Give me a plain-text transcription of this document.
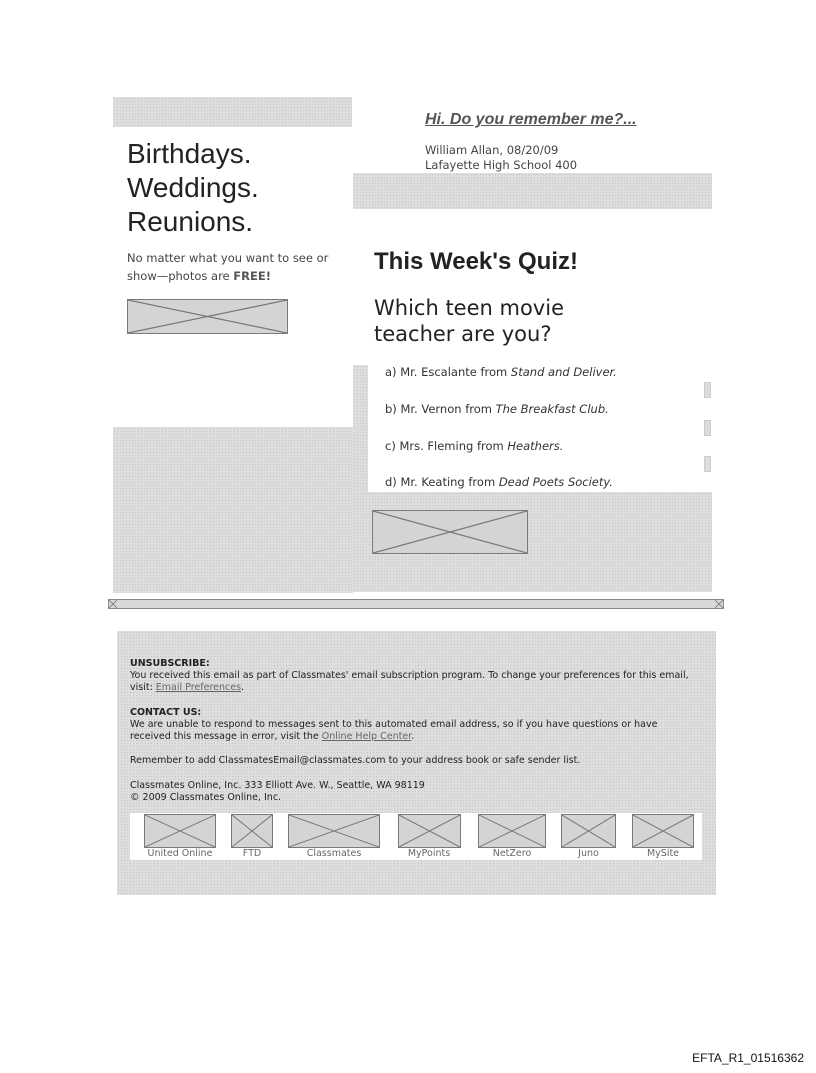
Birthdays.
Weddings.
Reunions.
No matter what you want to see or show—photos are FREE!
Hi. Do you remember me?...
William Allan, 08/20/09
Lafayette High School 400
This Week's Quiz!
Which teen movie
teacher are you?
a) Mr. Escalante from Stand and Deliver.
b) Mr. Vernon from The Breakfast Club.
c) Mrs. Fleming from Heathers.
d) Mr. Keating from Dead Poets Society.
UNSUBSCRIBE:
You received this email as part of Classmates' email subscription program. To change your preferences for this email, visit: Email Preferences.
CONTACT US:
We are unable to respond to messages sent to this automated email address, so if you have questions or have received this message in error, visit the Online Help Center.
Remember to add ClassmatesEmail@classmates.com to your address book or safe sender list.
Classmates Online, Inc. 333 Elliott Ave. W., Seattle, WA 98119
© 2009 Classmates Online, Inc.
United Online	FTD	Classmates	MyPoints	NetZero	Juno	MySite
EFTA_R1_01516362
